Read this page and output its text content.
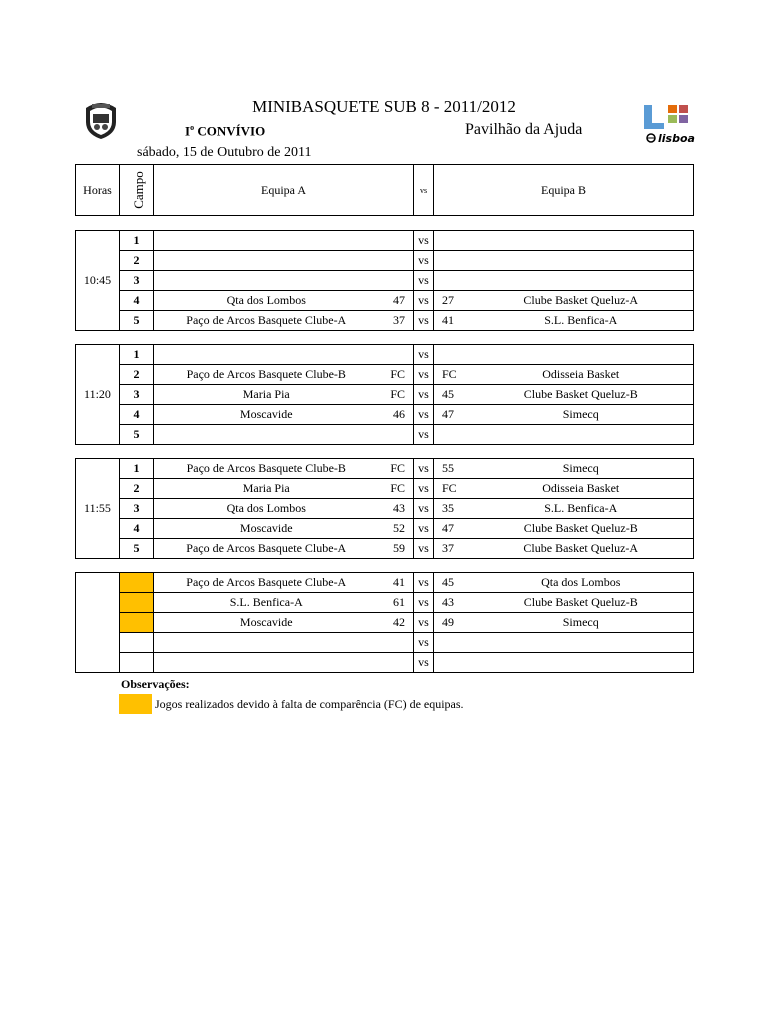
MINIBASQUETE SUB 8 - 2011/2012
$I^o$ CONVÍVIO	Pavilhão da Ajuda
sábado, 15 de Outubro de 2011
lisboa
Horas	Campo	Equipa A	vs	Equipa B
10:45	1			vs		
	2			vs		
	3			vs		
	4	Qta dos Lombos	47	vs	27	Clube Basket Queluz-A
	5	Paço de Arcos Basquete Clube-A	37	vs	41	S.L. Benfica-A
11:20	1			vs		
	2	Paço de Arcos Basquete Clube-B	FC	vs	FC	Odisseia Basket
	3	Maria Pia	FC	vs	45	Clube Basket Queluz-B
	4	Moscavide	46	vs	47	Simecq
	5			vs		
11:55	1	Paço de Arcos Basquete Clube-B	FC	vs	55	Simecq
	2	Maria Pia	FC	vs	FC	Odisseia Basket
	3	Qta dos Lombos	43	vs	35	S.L. Benfica-A
	4	Moscavide	52	vs	47	Clube Basket Queluz-B
	5	Paço de Arcos Basquete Clube-A	59	vs	37	Clube Basket Queluz-A
		Paço de Arcos Basquete Clube-A	41	vs	45	Qta dos Lombos
		S.L. Benfica-A	61	vs	43	Clube Basket Queluz-B
		Moscavide	42	vs	49	Simecq
				vs		
				vs		
Observações:
Jogos realizados devido à falta de comparência (FC) de equipas.
